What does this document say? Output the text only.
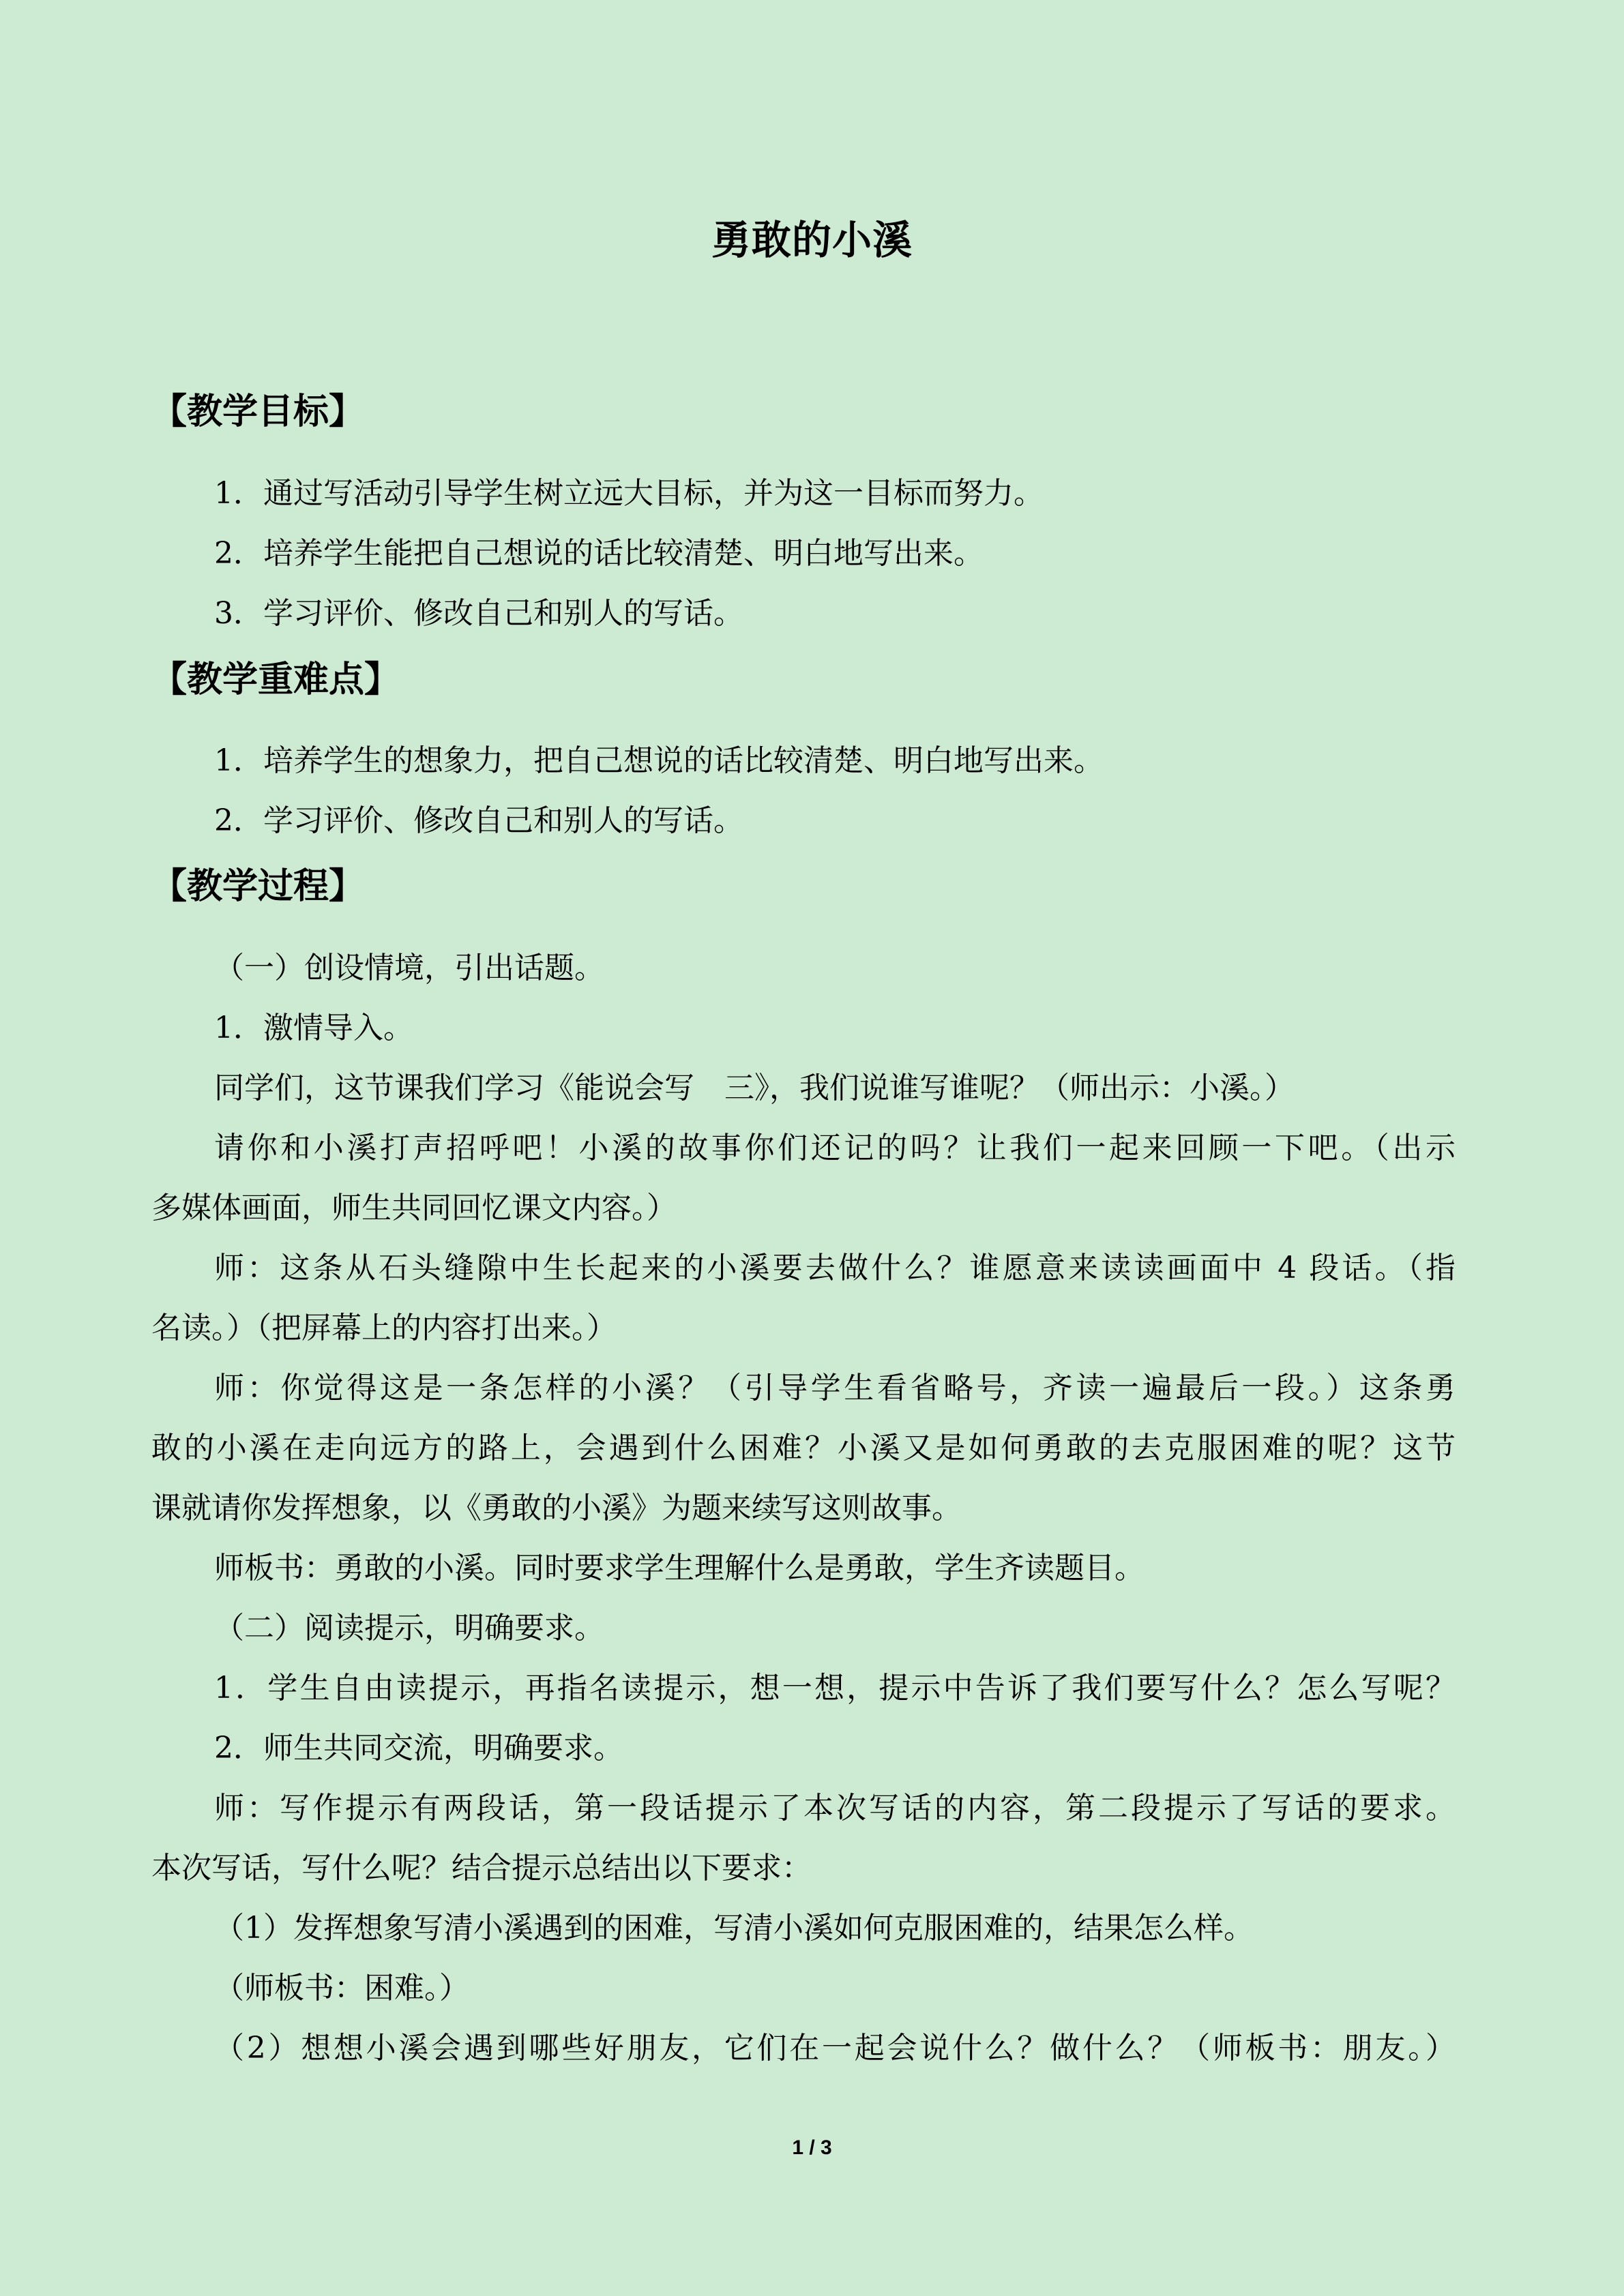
勇敢的小溪
【教学目标】
1．通过写活动引导学生树立远大目标，并为这一目标而努力。
2．培养学生能把自己想说的话比较清楚、明白地写出来。
3．学习评价、修改自己和别人的写话。
【教学重难点】
1．培养学生的想象力，把自己想说的话比较清楚、明白地写出来。
2．学习评价、修改自己和别人的写话。
【教学过程】
（一）创设情境，引出话题。
1．激情导入。
同学们，这节课我们学习《能说会写　三》，我们说谁写谁呢？（师出示：小溪。）
请你和小溪打声招呼吧！小溪的故事你们还记的吗？让我们一起来回顾一下吧。（出示
多媒体画面，师生共同回忆课文内容。）
师：这条从石头缝隙中生长起来的小溪要去做什么？谁愿意来读读画面中 4 段话。（指
名读。）（把屏幕上的内容打出来。）
师：你觉得这是一条怎样的小溪？（引导学生看省略号，齐读一遍最后一段。）这条勇
敢的小溪在走向远方的路上，会遇到什么困难？小溪又是如何勇敢的去克服困难的呢？这节
课就请你发挥想象，以《勇敢的小溪》为题来续写这则故事。
师板书：勇敢的小溪。同时要求学生理解什么是勇敢，学生齐读题目。
（二）阅读提示，明确要求。
1．学生自由读提示，再指名读提示，想一想，提示中告诉了我们要写什么？怎么写呢？
2．师生共同交流，明确要求。
师：写作提示有两段话，第一段话提示了本次写话的内容，第二段提示了写话的要求。
本次写话，写什么呢？结合提示总结出以下要求：
（1）发挥想象写清小溪遇到的困难，写清小溪如何克服困难的，结果怎么样。
（师板书：困难。）
（2）想想小溪会遇到哪些好朋友，它们在一起会说什么？做什么？（师板书：朋友。）
1 / 3
